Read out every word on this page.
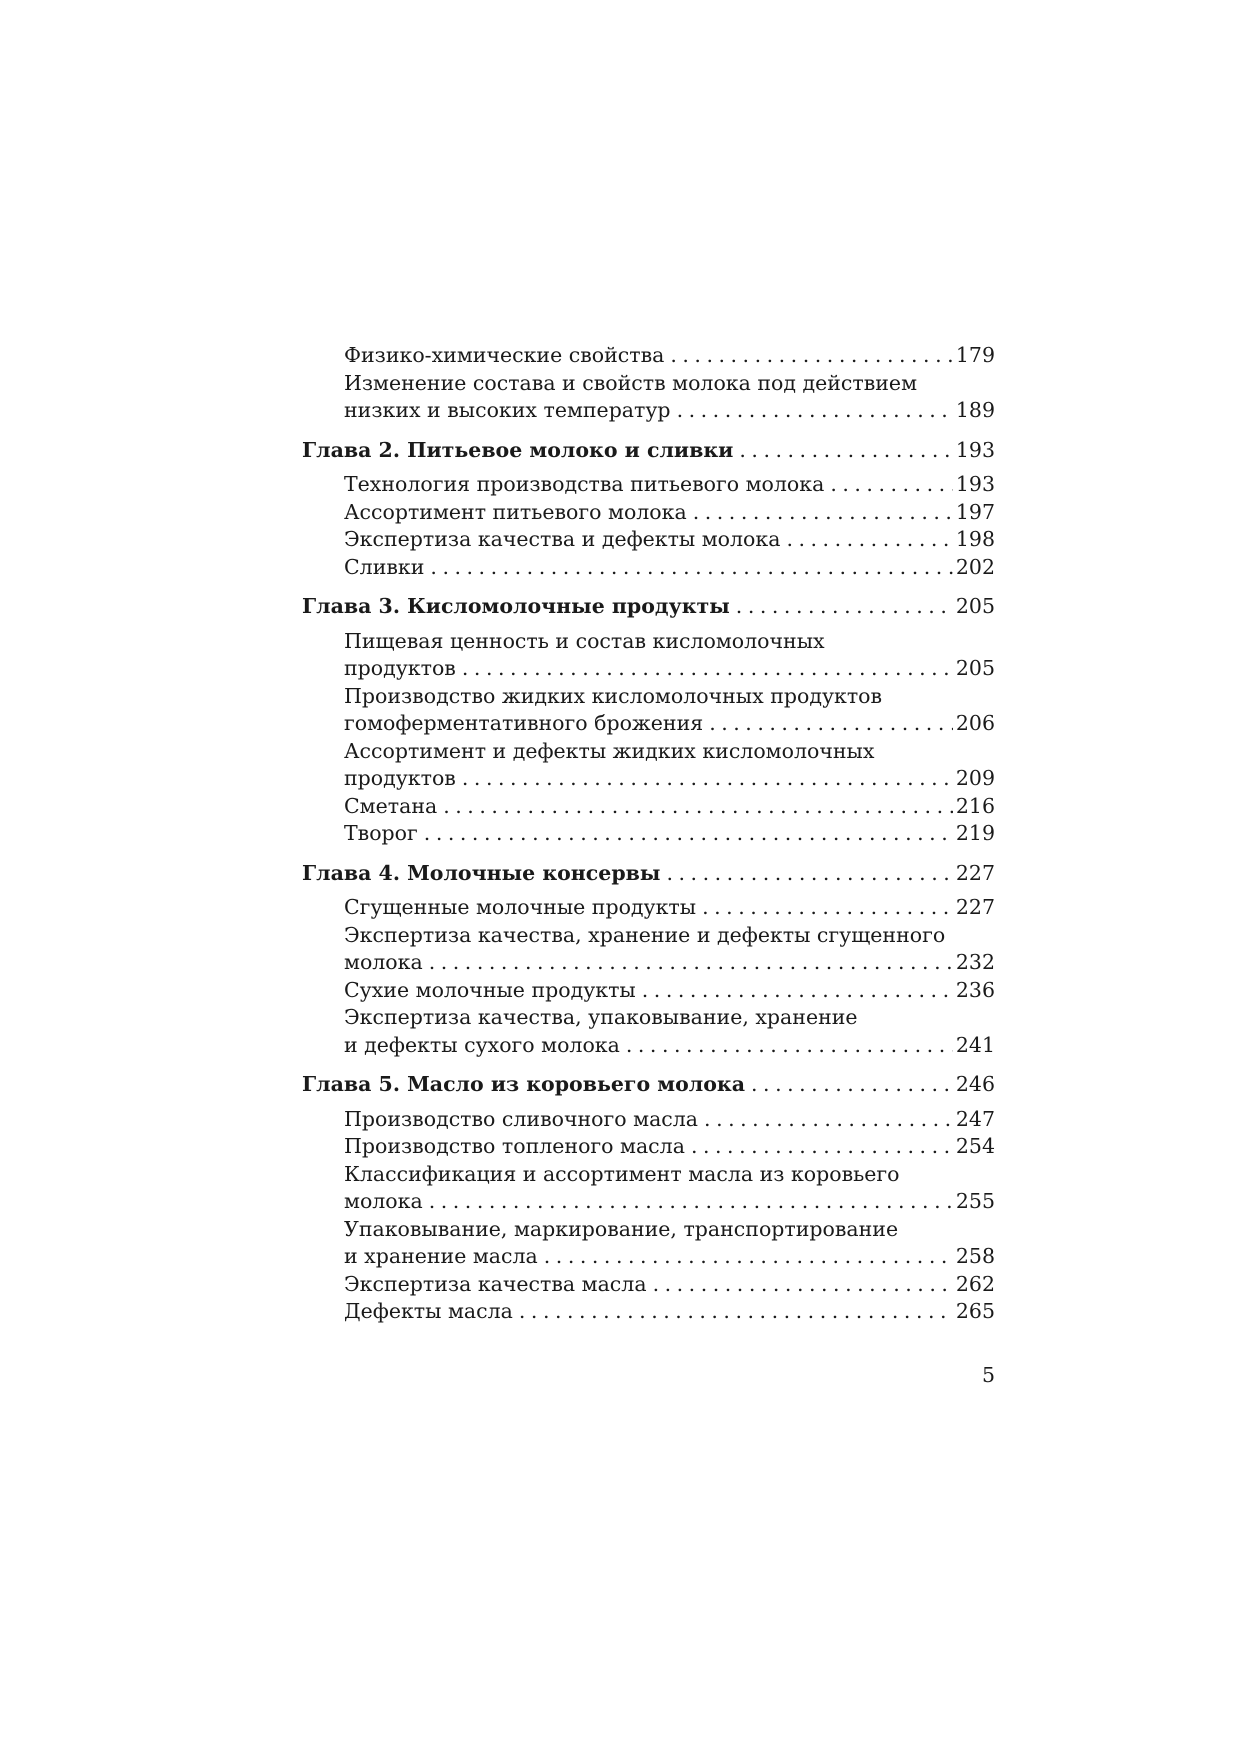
Физико-химические свойства . . .	179
Изменение состава и свойств молока под действием
низких и высоких температур . . .	189
Глава 2. Питьевое молоко и сливки . . .	193
Технология производства питьевого молока . . .	193
Ассортимент питьевого молока . . .	197
Экспертиза качества и дефекты молока . . .	198
Сливки . . .	202
Глава 3. Кисломолочные продукты . . .	205
Пищевая ценность и состав кисломолочных
продуктов . . .	205
Производство жидких кисломолочных продуктов
гомоферментативного брожения . . .	206
Ассортимент и дефекты жидких кисломолочных
продуктов . . .	209
Сметана . . .	216
Творог . . .	219
Глава 4. Молочные консервы . . .	227
Сгущенные молочные продукты . . .	227
Экспертиза качества, хранение и дефекты сгущенного
молока . . .	232
Сухие молочные продукты . . .	236
Экспертиза качества, упаковывание, хранение
и дефекты сухого молока . . .	241
Глава 5. Масло из коровьего молока . . .	246
Производство сливочного масла . . .	247
Производство топленого масла . . .	254
Классификация и ассортимент масла из коровьего
молока . . .	255
Упаковывание, маркирование, транспортирование
и хранение масла . . .	258
Экспертиза качества масла . . .	262
Дефекты масла . . .	265
5
